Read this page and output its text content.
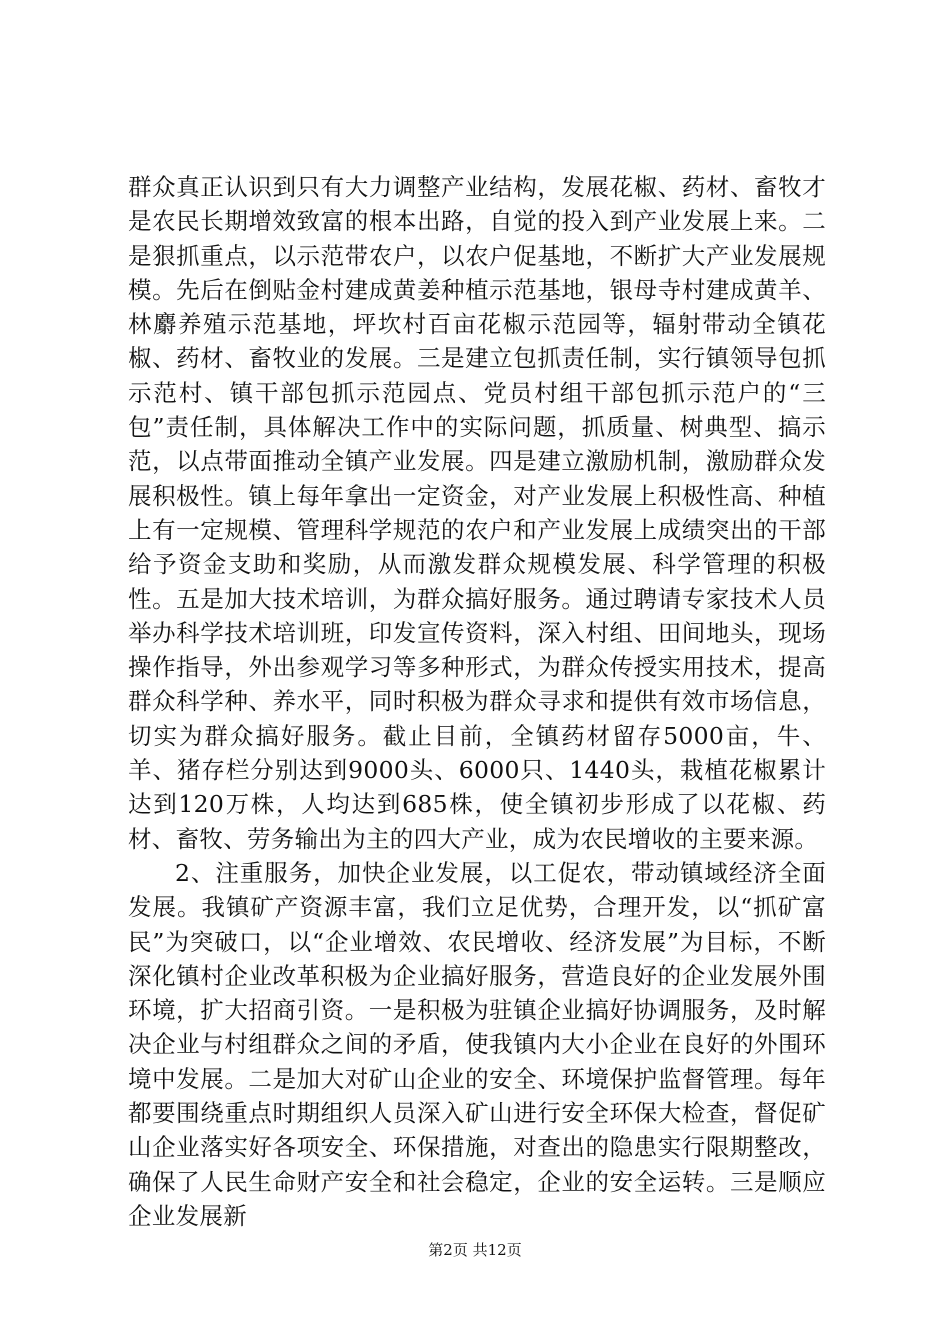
群众真正认识到只有大力调整产业结构，发展花椒、药材、畜牧才是农民长期增效致富的根本出路，自觉的投入到产业发展上来。二是狠抓重点，以示范带农户，以农户促基地，不断扩大产业发展规模。先后在倒贴金村建成黄姜种植示范基地，银母寺村建成黄羊、林麝养殖示范基地，坪坎村百亩花椒示范园等，辐射带动全镇花椒、药材、畜牧业的发展。三是建立包抓责任制，实行镇领导包抓示范村、镇干部包抓示范园点、党员村组干部包抓示范户的“三包”责任制，具体解决工作中的实际问题，抓质量、树典型、搞示范，以点带面推动全镇产业发展。四是建立激励机制，激励群众发展积极性。镇上每年拿出一定资金，对产业发展上积极性高、种植上有一定规模、管理科学规范的农户和产业发展上成绩突出的干部给予资金支助和奖励，从而激发群众规模发展、科学管理的积极性。五是加大技术培训，为群众搞好服务。通过聘请专家技术人员举办科学技术培训班，印发宣传资料，深入村组、田间地头，现场操作指导，外出参观学习等多种形式，为群众传授实用技术，提高群众科学种、养水平，同时积极为群众寻求和提供有效市场信息，切实为群众搞好服务。截止目前，全镇药材留存5000亩，牛、羊、猪存栏分别达到9000头、6000只、1440头，栽植花椒累计达到120万株，人均达到685株，使全镇初步形成了以花椒、药材、畜牧、劳务输出为主的四大产业，成为农民增收的主要来源。

2、注重服务，加快企业发展，以工促农，带动镇域经济全面发展。我镇矿产资源丰富，我们立足优势，合理开发，以“抓矿富民”为突破口，以“企业增效、农民增收、经济发展”为目标，不断深化镇村企业改革积极为企业搞好服务，营造良好的企业发展外围环境，扩大招商引资。一是积极为驻镇企业搞好协调服务，及时解决企业与村组群众之间的矛盾，使我镇内大小企业在良好的外围环境中发展。二是加大对矿山企业的安全、环境保护监督管理。每年都要围绕重点时期组织人员深入矿山进行安全环保大检查，督促矿山企业落实好各项安全、环保措施，对查出的隐患实行限期整改，确保了人民生命财产安全和社会稳定，企业的安全运转。三是顺应企业发展新

第2页 共12页
